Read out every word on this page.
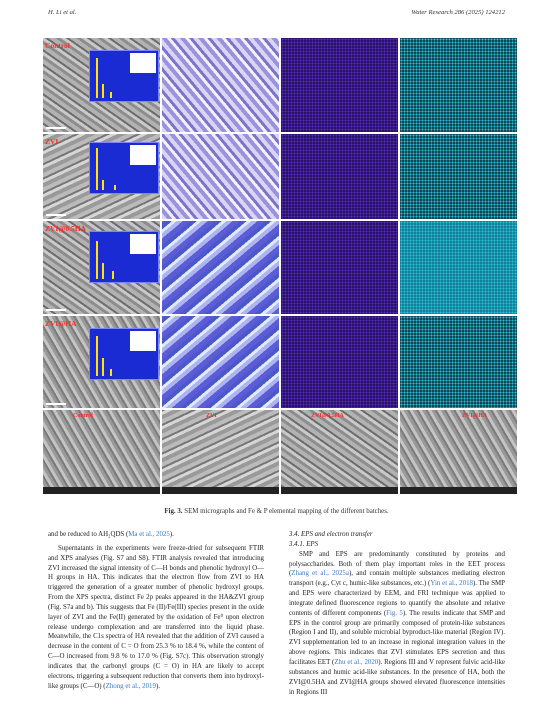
H. Li et al.	Water Research 286 (2025) 124212
Control
ZVI
ZVI@0.5HA
ZVI@HA
Control	ZVI	ZVI@0.5HA	ZVI@HA
Fig. 3. SEM micrographs and Fe & P elemental mapping of the different batches.

and be reduced to AH₂QDS (Ma et al., 2025).

Supernatants in the experiments were freeze-dried for subsequent FTIR and XPS analyses (Fig. S7 and S8). FTIR analysis revealed that introducing ZVI increased the signal intensity of C—H bonds and phenolic hydroxyl O—H groups in HA. This indicates that the electron flow from ZVI to HA triggered the generation of a greater number of phenolic hydroxyl groups. From the XPS spectra, distinct Fe 2p peaks appeared in the HA&ZVI group (Fig. S7a and b). This suggests that Fe (II)/Fe(III) species present in the oxide layer of ZVI and the Fe(II) generated by the oxidation of Fe⁰ upon electron release undergo complexation and are transferred into the liquid phase. Meanwhile, the C1s spectra of HA revealed that the addition of ZVI caused a decrease in the content of C = O from 25.3 % to 18.4 %, while the content of C—O increased from 9.8 % to 17.0 % (Fig. S7c). This observation strongly indicates that the carbonyl groups (C = O) in HA are likely to accept electrons, triggering a subsequent reduction that converts them into hydroxyl-like groups (C—O) (Zhong et al., 2019).

3.4. EPS and electron transfer

3.4.1. EPS

SMP and EPS are predominantly constituted by proteins and polysaccharides. Both of them play important roles in the EET process (Zhang et al., 2025a), and contain multiple substances mediating electron transport (e.g., Cyt c, humic-like substances, etc.) (Yin et al., 2018). The SMP and EPS were characterized by EEM, and FRI technique was applied to integrate defined fluorescence regions to quantify the absolute and relative contents of different components (Fig. 5). The results indicate that SMP and EPS in the control group are primarily composed of protein-like substances (Region I and II), and soluble microbial byproduct-like material (Region IV). ZVI supplementation led to an increase in regional integration values in the above regions. This indicates that ZVI stimulates EPS secretion and thus facilitates EET (Zhu et al., 2020). Regions III and V represent fulvic acid-like substances and humic acid-like substances. In the presence of HA, both the ZVI@0.5HA and ZVI@HA groups showed elevated fluorescence intensities in Regions III
